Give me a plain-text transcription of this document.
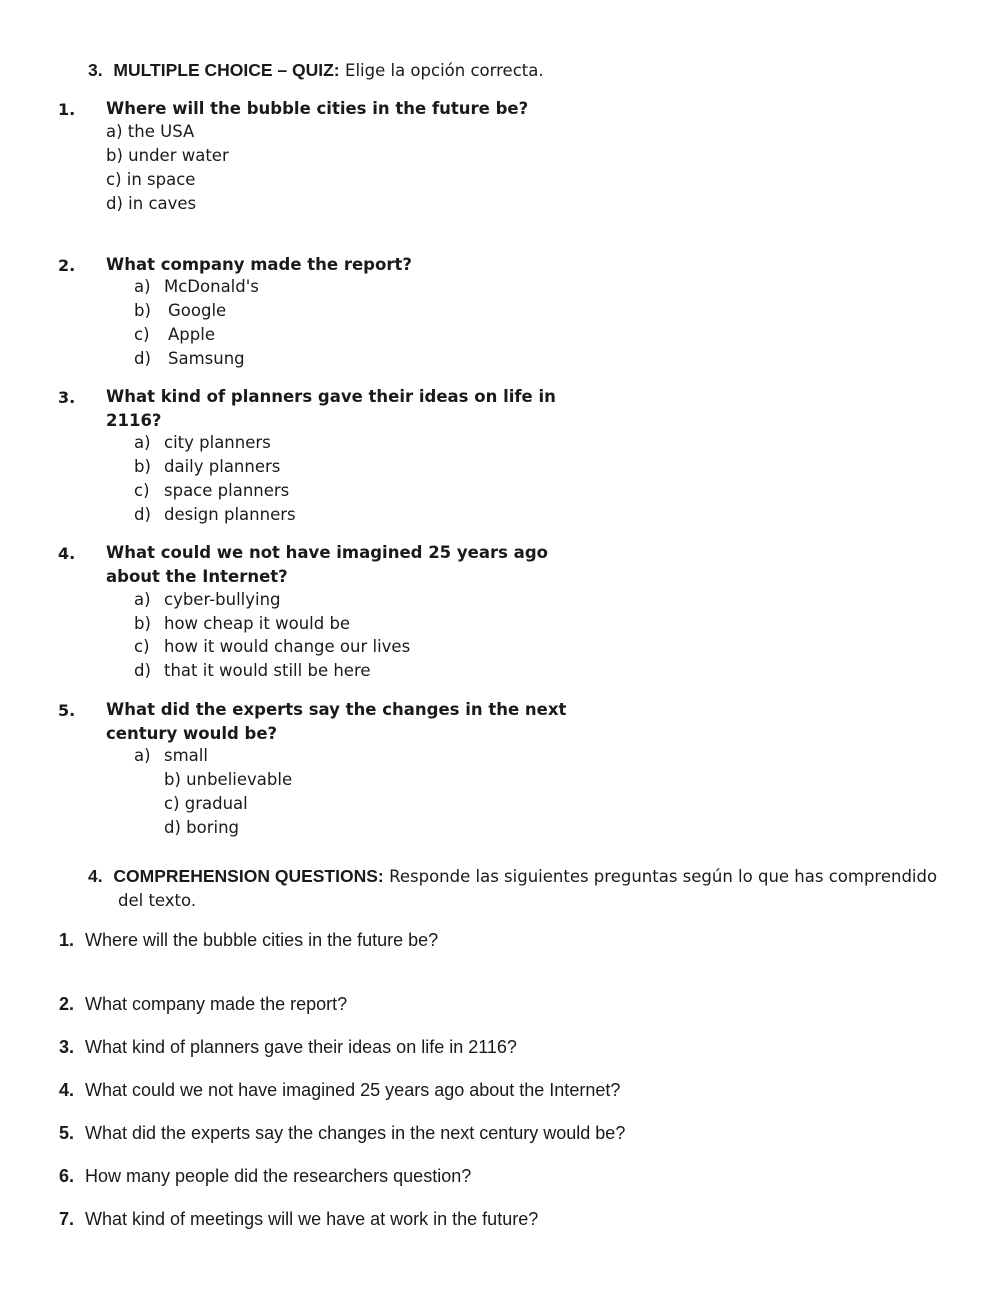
3. MULTIPLE CHOICE – QUIZ: Elige la opción correcta.
1. Where will the bubble cities in the future be?
a) the USA
b) under water
c) in space
d) in caves
2. What company made the report?
a) McDonald's
b) Google
c) Apple
d) Samsung
3. What kind of planners gave their ideas on life in
2116?
a) city planners
b) daily planners
c) space planners
d) design planners
4. What could we not have imagined 25 years ago
about the Internet?
a) cyber-bullying
b) how cheap it would be
c) how it would change our lives
d) that it would still be here
5. What did the experts say the changes in the next
century would be?
a) small
b) unbelievable
c) gradual
d) boring
4. COMPREHENSION QUESTIONS: Responde las siguientes preguntas según lo que has comprendido
del texto.
1. Where will the bubble cities in the future be?
2. What company made the report?
3. What kind of planners gave their ideas on life in 2116?
4. What could we not have imagined 25 years ago about the Internet?
5. What did the experts say the changes in the next century would be?
6. How many people did the researchers question?
7. What kind of meetings will we have at work in the future?
